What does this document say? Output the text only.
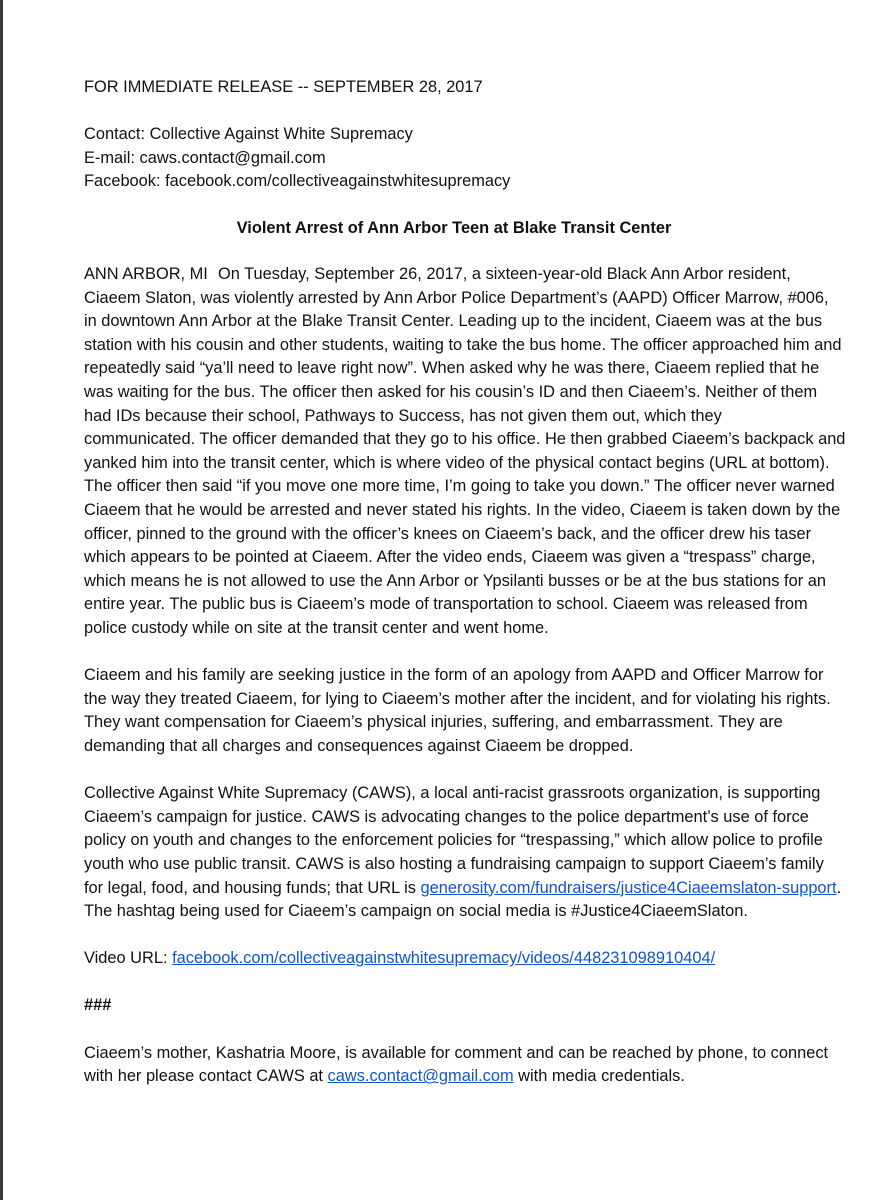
FOR IMMEDIATE RELEASE -- SEPTEMBER 28, 2017

Contact: Collective Against White Supremacy

E-mail: caws.contact@gmail.com

Facebook: facebook.com/collectiveagainstwhitesupremacy

Violent Arrest of Ann Arbor Teen at Blake Transit Center

ANN ARBOR, MI On Tuesday, September 26, 2017, a sixteen-year-old Black Ann Arbor resident,

Ciaeem Slaton, was violently arrested by Ann Arbor Police Department’s (AAPD) Officer Marrow, #006,

in downtown Ann Arbor at the Blake Transit Center. Leading up to the incident, Ciaeem was at the bus

station with his cousin and other students, waiting to take the bus home. The officer approached him and

repeatedly said “ya’ll need to leave right now”. When asked why he was there, Ciaeem replied that he

was waiting for the bus. The officer then asked for his cousin’s ID and then Ciaeem’s. Neither of them

had IDs because their school, Pathways to Success, has not given them out, which they

communicated. The officer demanded that they go to his office. He then grabbed Ciaeem’s backpack and

yanked him into the transit center, which is where video of the physical contact begins (URL at bottom).

The officer then said “if you move one more time, I’m going to take you down.” The officer never warned

Ciaeem that he would be arrested and never stated his rights. In the video, Ciaeem is taken down by the

officer, pinned to the ground with the officer’s knees on Ciaeem’s back, and the officer drew his taser

which appears to be pointed at Ciaeem. After the video ends, Ciaeem was given a “trespass” charge,

which means he is not allowed to use the Ann Arbor or Ypsilanti busses or be at the bus stations for an

entire year. The public bus is Ciaeem’s mode of transportation to school. Ciaeem was released from

police custody while on site at the transit center and went home.

Ciaeem and his family are seeking justice in the form of an apology from AAPD and Officer Marrow for

the way they treated Ciaeem, for lying to Ciaeem’s mother after the incident, and for violating his rights.

They want compensation for Ciaeem’s physical injuries, suffering, and embarrassment. They are

demanding that all charges and consequences against Ciaeem be dropped.

Collective Against White Supremacy (CAWS), a local anti-racist grassroots organization, is supporting

Ciaeem’s campaign for justice. CAWS is advocating changes to the police department’s use of force

policy on youth and changes to the enforcement policies for “trespassing,” which allow police to profile

youth who use public transit. CAWS is also hosting a fundraising campaign to support Ciaeem’s family

for legal, food, and housing funds; that URL is generosity.com/fundraisers/justice4Ciaeemslaton-support.

The hashtag being used for Ciaeem’s campaign on social media is #Justice4CiaeemSlaton.

Video URL: facebook.com/collectiveagainstwhitesupremacy/videos/448231098910404/

###

Ciaeem’s mother, Kashatria Moore, is available for comment and can be reached by phone, to connect

with her please contact CAWS at caws.contact@gmail.com with media credentials.
